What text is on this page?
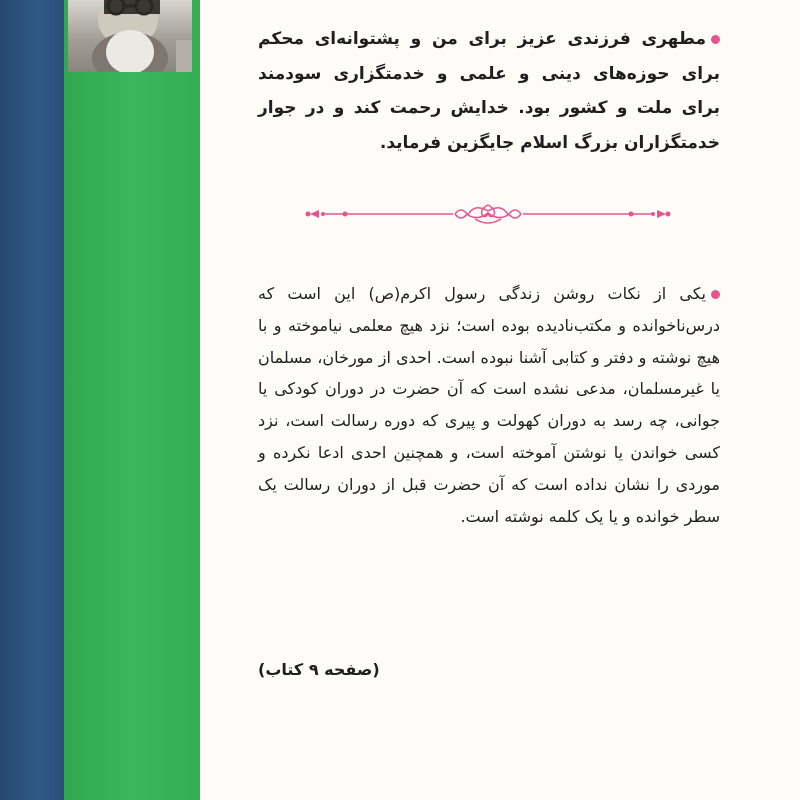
مطهری فرزندی عزیز برای من و پشتوانه‌ای محکم برای حوزه‌های دینی و علمی و خدمتگزاری سودمند برای ملت و کشور بود. خدایش رحمت کند و در جوار خدمتگزاران بزرگ اسلام جایگزین فرماید.
یکی از نکات روشن زندگی رسول اکرم(ص) این است که درس‌ناخوانده و مکتب‌نادیده بوده است؛ نزد هیچ معلمی نیاموخته و با هیچ نوشته و دفتر و کتابی آشنا نبوده است. احدی از مورخان، مسلمان یا غیرمسلمان، مدعی نشده است که آن حضرت در دوران کودکی یا جوانی، چه رسد به دوران کهولت و پیری که دوره رسالت است، نزد کسی خواندن یا نوشتن آموخته است، و همچنین احدی ادعا نکرده و موردی را نشان نداده است که آن حضرت قبل از دوران رسالت یک سطر خوانده و یا یک کلمه نوشته است.
(صفحه ۹ کتاب)
